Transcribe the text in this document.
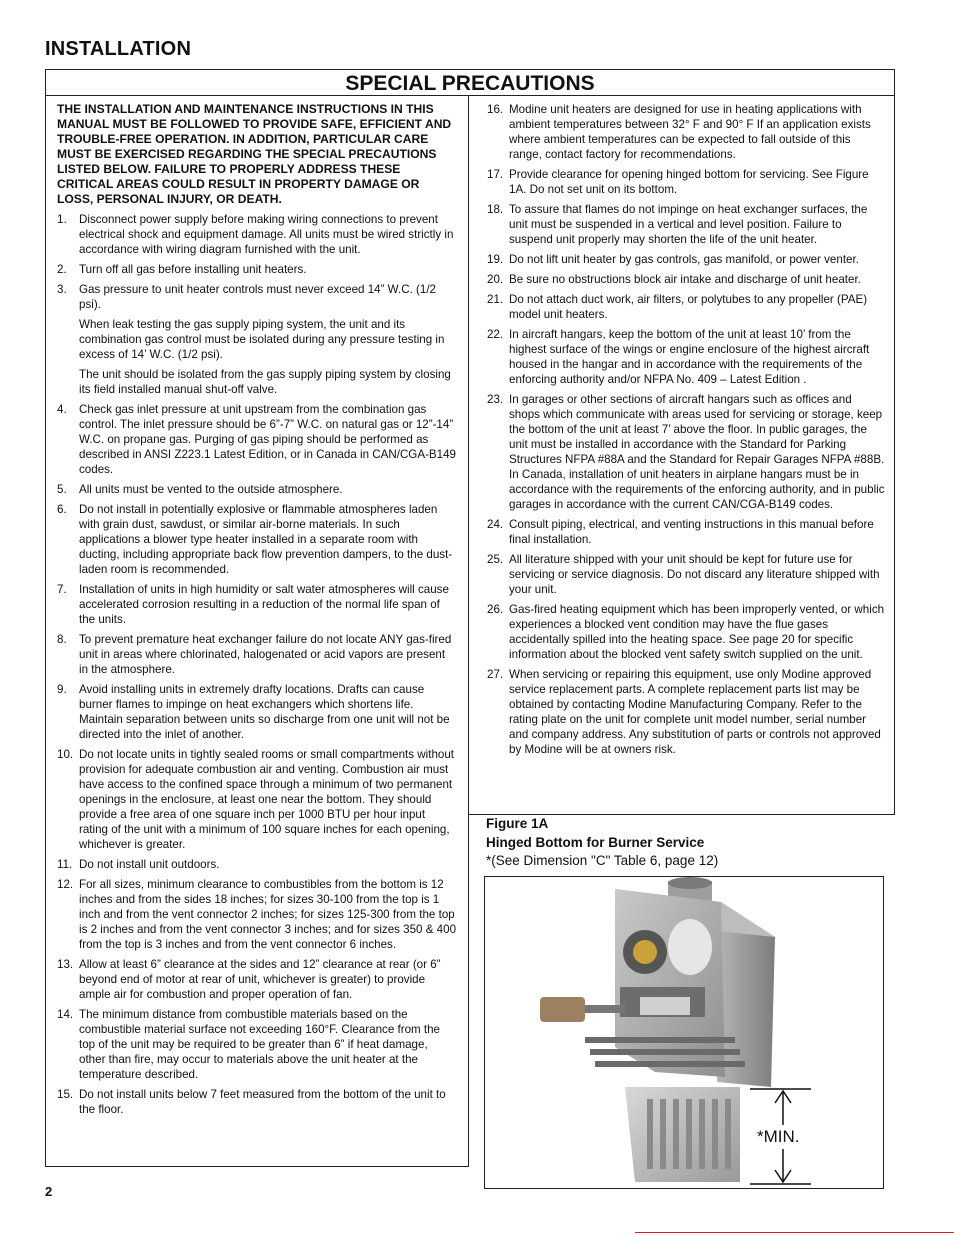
INSTALLATION
SPECIAL PRECAUTIONS
THE INSTALLATION AND MAINTENANCE INSTRUCTIONS IN THIS MANUAL MUST BE FOLLOWED TO PROVIDE SAFE, EFFICIENT AND TROUBLE-FREE OPERATION. IN ADDITION, PARTICULAR CARE MUST BE EXERCISED REGARDING THE SPECIAL PRECAUTIONS LISTED BELOW. FAILURE TO PROPERLY ADDRESS THESE CRITICAL AREAS COULD RESULT IN PROPERTY DAMAGE OR LOSS, PERSONAL INJURY, OR DEATH.
1.	Disconnect power supply before making wiring connections to prevent electrical shock and equipment damage. All units must be wired strictly in accordance with wiring diagram furnished with the unit.
2.	Turn off all gas before installing unit heaters.
3.	Gas pressure to unit heater controls must never exceed 14” W.C. (1/2 psi).
When leak testing the gas supply piping system, the unit and its combination gas control must be isolated during any pressure testing in excess of 14’ W.C. (1/2 psi).
The unit should be isolated from the gas supply piping system by closing its field installed manual shut-off valve.
4.	Check gas inlet pressure at unit upstream from the combination gas control. The inlet pressure should be 6”-7” W.C. on natural gas or 12”-14” W.C. on propane gas. Purging of gas piping should be performed as described in ANSI Z223.1 Latest Edition, or in Canada in CAN/CGA-B149 codes.
5.	All units must be vented to the outside atmosphere.
6.	Do not install in potentially explosive or flammable atmospheres laden with grain dust, sawdust, or similar air-borne materials. In such applications a blower type heater installed in a separate room with ducting, including appropriate back flow prevention dampers, to the dust-laden room is recommended.
7.	Installation of units in high humidity or salt water atmospheres will cause accelerated corrosion resulting in a reduction of the normal life span of the units.
8.	To prevent premature heat exchanger failure do not locate ANY gas-fired unit in areas where chlorinated, halogenated or acid vapors are present in the atmosphere.
9.	Avoid installing units in extremely drafty locations. Drafts can cause burner flames to impinge on heat exchangers which shortens life. Maintain separation between units so discharge from one unit will not be directed into the inlet of another.
10. Do not locate units in tightly sealed rooms or small compartments without provision for adequate combustion air and venting. Combustion air must have access to the confined space through a minimum of two permanent openings in the enclosure, at least one near the bottom. They should provide a free area of one square inch per 1000 BTU per hour input rating of the unit with a minimum of 100 square inches for each opening, whichever is greater.
11. Do not install unit outdoors.
12. For all sizes, minimum clearance to combustibles from the bottom is 12 inches and from the sides 18 inches; for sizes 30-100 from the top is 1 inch and from the vent connector 2 inches; for sizes 125-300 from the top is 2 inches and from the vent connector 3 inches; and for sizes 350 & 400 from the top is 3 inches and from the vent connector 6 inches.
13. Allow at least 6” clearance at the sides and 12” clearance at rear (or 6” beyond end of motor at rear of unit, whichever is greater) to provide ample air for combustion and proper operation of fan.
14. The minimum distance from combustible materials based on the combustible material surface not exceeding 160°F. Clearance from the top of the unit may be required to be greater than 6” if heat damage, other than fire, may occur to materials above the unit heater at the temperature described.
15. Do not install units below 7 feet measured from the bottom of the unit to the floor.
16. Modine unit heaters are designed for use in heating applications with ambient temperatures between 32° F and 90° F If an application exists where ambient temperatures can be expected to fall outside of this range, contact factory for recommendations.
17. Provide clearance for opening hinged bottom for servicing. See Figure 1A. Do not set unit on its bottom.
18. To assure that flames do not impinge on heat exchanger surfaces, the unit must be suspended in a vertical and level position. Failure to suspend unit properly may shorten the life of the unit heater.
19. Do not lift unit heater by gas controls, gas manifold, or power venter.
20. Be sure no obstructions block air intake and discharge of unit heater.
21. Do not attach duct work, air filters, or polytubes to any propeller (PAE) model unit heaters.
22. In aircraft hangars, keep the bottom of the unit at least 10’ from the highest surface of the wings or engine enclosure of the highest aircraft housed in the hangar and in accordance with the requirements of the enforcing authority and/or NFPA No. 409 – Latest Edition .
23. In garages or other sections of aircraft hangars such as offices and shops which communicate with areas used for servicing or storage, keep the bottom of the unit at least 7’ above the floor. In public garages, the unit must be installed in accordance with the Standard for Parking Structures NFPA #88A and the Standard for Repair Garages NFPA #88B. In Canada, installation of unit heaters in airplane hangars must be in accordance with the requirements of the enforcing authority, and in public garages in accordance with the current CAN/CGA-B149 codes.
24. Consult piping, electrical, and venting instructions in this manual before final installation.
25. All literature shipped with your unit should be kept for future use for servicing or service diagnosis. Do not discard any literature shipped with your unit.
26. Gas-fired heating equipment which has been improperly vented, or which experiences a blocked vent condition may have the flue gases accidentally spilled into the heating space. See page 20 for specific information about the blocked vent safety switch supplied on the unit.
27. When servicing or repairing this equipment, use only Modine approved service replacement parts. A complete replacement parts list may be obtained by contacting Modine Manufacturing Company. Refer to the rating plate on the unit for complete unit model number, serial number and company address. Any substitution of parts or controls not approved by Modine will be at owners risk.
Figure 1A
Hinged Bottom for Burner Service
*(See Dimension "C" Table 6, page 12)
*MIN.
2
